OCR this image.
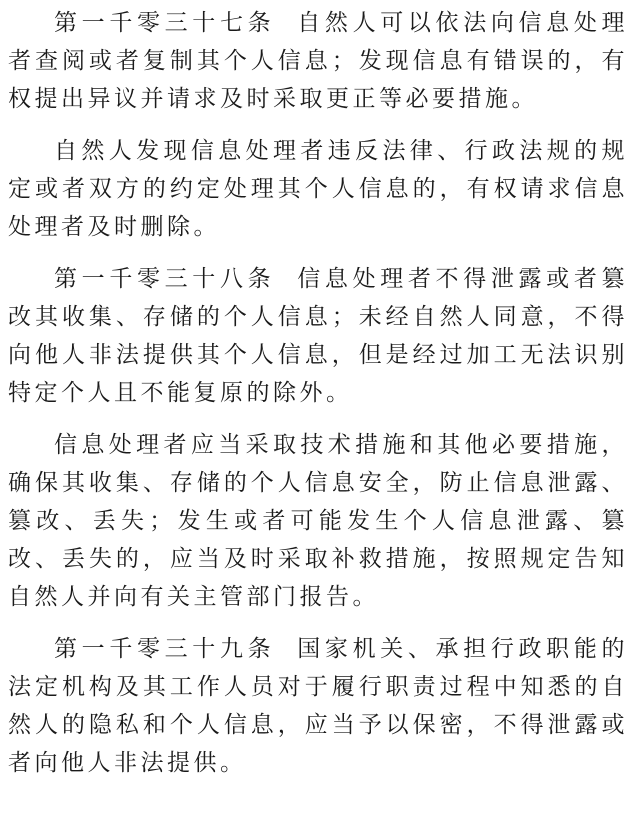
第一千零三十七条 自然人可以依法向信息处理者查阅或者复制其个人信息；发现信息有错误的，有权提出异议并请求及时采取更正等必要措施。

自然人发现信息处理者违反法律、行政法规的规定或者双方的约定处理其个人信息的，有权请求信息处理者及时删除。

第一千零三十八条 信息处理者不得泄露或者篡改其收集、存储的个人信息；未经自然人同意，不得向他人非法提供其个人信息，但是经过加工无法识别特定个人且不能复原的除外。

信息处理者应当采取技术措施和其他必要措施，确保其收集、存储的个人信息安全，防止信息泄露、篡改、丢失；发生或者可能发生个人信息泄露、篡改、丢失的，应当及时采取补救措施，按照规定告知自然人并向有关主管部门报告。

第一千零三十九条 国家机关、承担行政职能的法定机构及其工作人员对于履行职责过程中知悉的自然人的隐私和个人信息，应当予以保密，不得泄露或者向他人非法提供。
